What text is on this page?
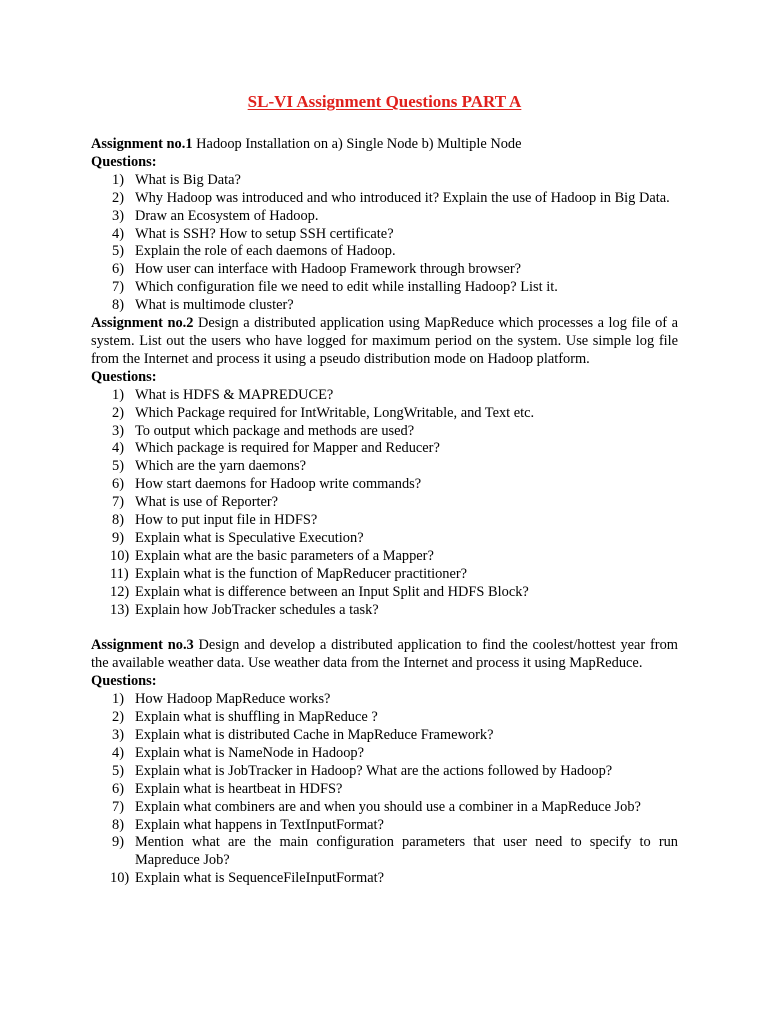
SL-VI Assignment Questions PART A

Assignment no.1 Hadoop Installation on a) Single Node b) Multiple Node

Questions:
1) What is Big Data?
2) Why Hadoop was introduced and who introduced it? Explain the use of Hadoop in Big Data.
3) Draw an Ecosystem of Hadoop.
4) What is SSH? How to setup SSH certificate?
5) Explain the role of each daemons of Hadoop.
6) How user can interface with Hadoop Framework through browser?
7) Which configuration file we need to edit while installing Hadoop? List it.
8) What is multimode cluster?

Assignment no.2 Design a distributed application using MapReduce which processes a log file of a system. List out the users who have logged for maximum period on the system. Use simple log file from the Internet and process it using a pseudo distribution mode on Hadoop platform.

Questions:
1) What is HDFS & MAPREDUCE?
2) Which Package required for IntWritable, LongWritable, and Text etc.
3) To output which package and methods are used?
4) Which package is required for Mapper and Reducer?
5) Which are the yarn daemons?
6) How start daemons for Hadoop write commands?
7) What is use of Reporter?
8) How to put input file in HDFS?
9) Explain what is Speculative Execution?
10) Explain what are the basic parameters of a Mapper?
11) Explain what is the function of MapReducer practitioner?
12) Explain what is difference between an Input Split and HDFS Block?
13) Explain how JobTracker schedules a task?

Assignment no.3 Design and develop a distributed application to find the coolest/hottest year from the available weather data. Use weather data from the Internet and process it using MapReduce.

Questions:
1) How Hadoop MapReduce works?
2) Explain what is shuffling in MapReduce ?
3) Explain what is distributed Cache in MapReduce Framework?
4) Explain what is NameNode in Hadoop?
5) Explain what is JobTracker in Hadoop? What are the actions followed by Hadoop?
6) Explain what is heartbeat in HDFS?
7) Explain what combiners are and when you should use a combiner in a MapReduce Job?
8) Explain what happens in TextInputFormat?
9) Mention what are the main configuration parameters that user need to specify to run Mapreduce Job?
10) Explain what is SequenceFileInputFormat?
